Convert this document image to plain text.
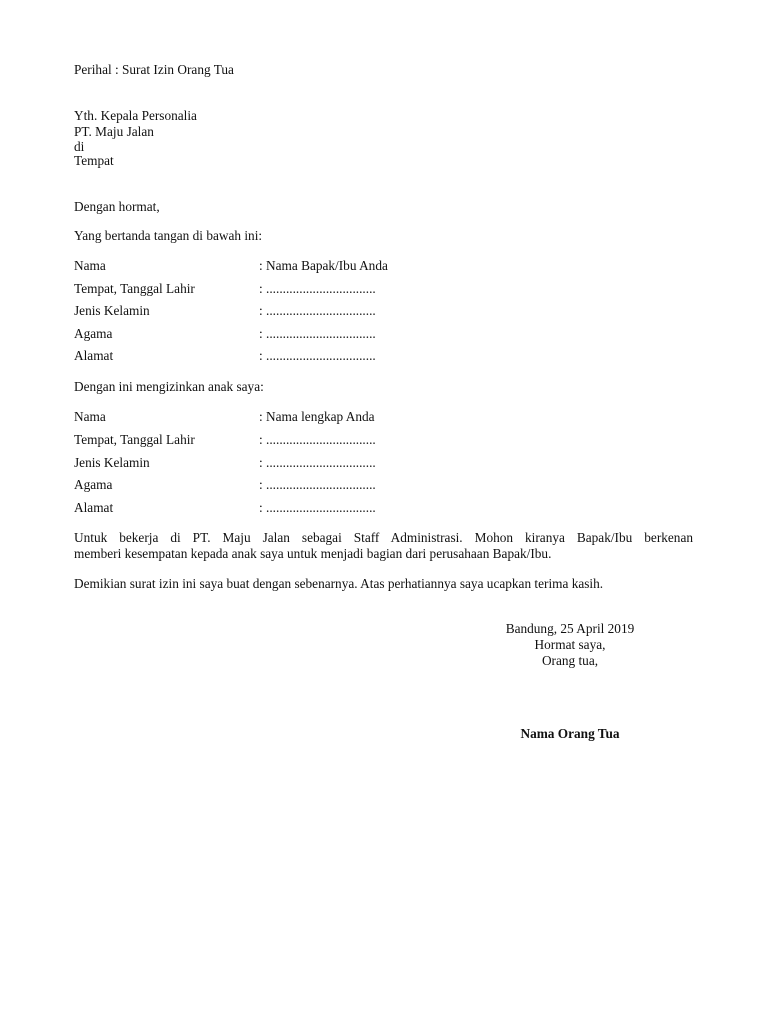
Perihal : Surat Izin Orang Tua
Yth. Kepala Personalia
PT. Maju Jalan
di
Tempat
Dengan hormat,
Yang bertanda tangan di bawah ini:
Nama	: Nama Bapak/Ibu Anda
Tempat, Tanggal Lahir	: .................................
Jenis Kelamin	: .................................
Agama	: .................................
Alamat	: .................................
Dengan ini mengizinkan anak saya:
Nama	: Nama lengkap Anda
Tempat, Tanggal Lahir	: .................................
Jenis Kelamin	: .................................
Agama	: .................................
Alamat	: .................................
Untuk bekerja di PT. Maju Jalan sebagai Staff Administrasi. Mohon kiranya Bapak/Ibu berkenan
memberi kesempatan kepada anak saya untuk menjadi bagian dari perusahaan Bapak/Ibu.
Demikian surat izin ini saya buat dengan sebenarnya. Atas perhatiannya saya ucapkan terima kasih.
Bandung, 25 April 2019
Hormat saya,
Orang tua,
Nama Orang Tua
